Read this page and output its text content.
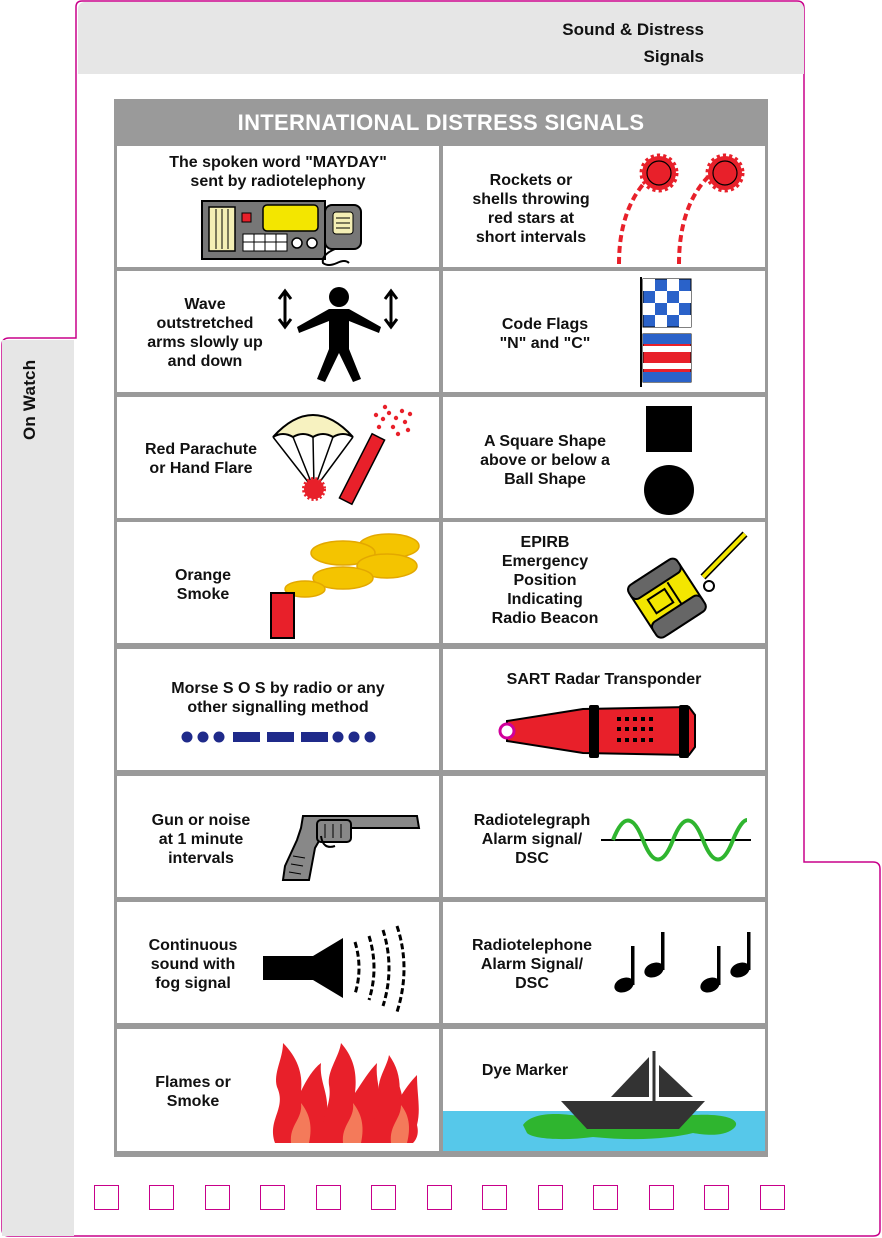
On Watch
Sound & Distress
Signals
INTERNATIONAL DISTRESS SIGNALS
The spoken word "MAYDAY"
sent by radiotelephony	Rockets or
shells throwing
red stars at
short intervals
Wave
outstretched
arms slowly up
and down
Code Flags
"N" and "C"
Red Parachute
or Hand Flare
A Square Shape
above or below a
Ball Shape
Orange
Smoke
EPIRB
Emergency
Position
Indicating
Radio Beacon
Morse S O S by radio or any
other signalling method
SART Radar Transponder
Gun or noise
at 1 minute
intervals
Radiotelegraph
Alarm signal/
DSC
Continuous
sound with
fog signal
Radiotelephone
Alarm Signal/
DSC
Flames or
Smoke
Dye Marker
